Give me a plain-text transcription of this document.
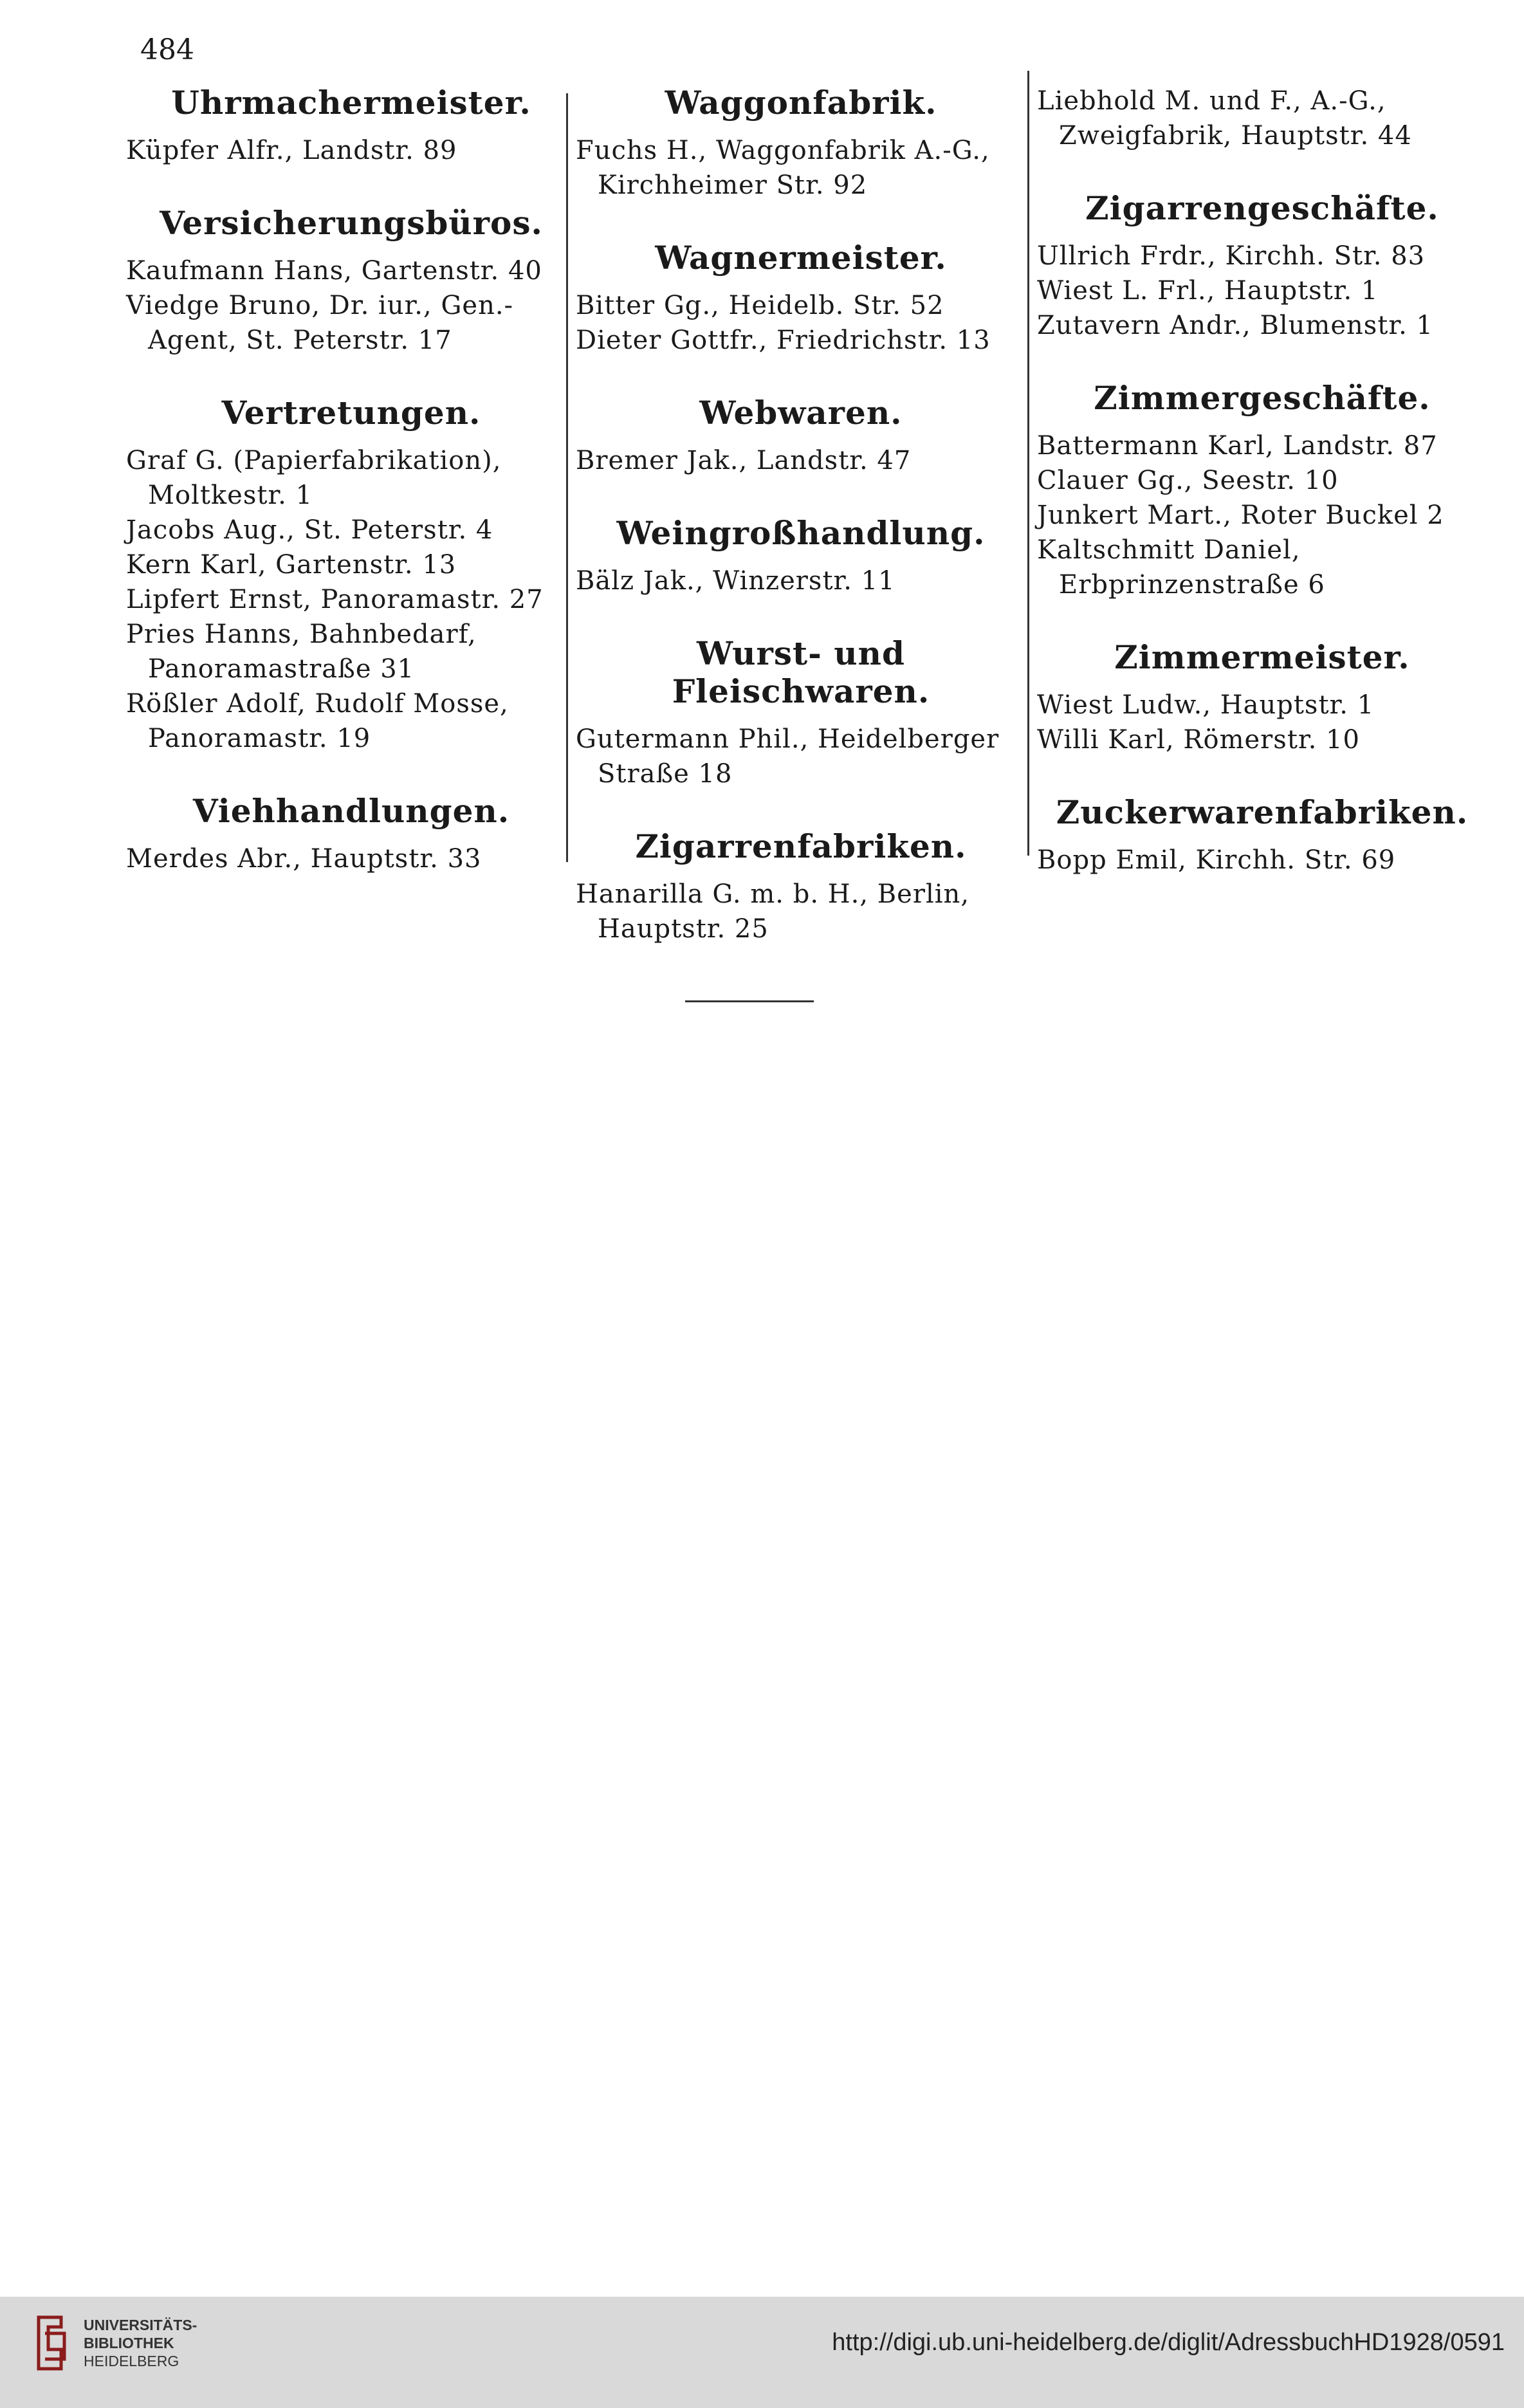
484
Uhrmachermeister.

Küpfer Alfr., Landstr. 89

Versicherungsbüros.

Kaufmann Hans, Gartenstr. 40

Viedge Bruno, Dr. iur., Gen.-Agent, St. Peterstr. 17

Vertretungen.

Graf G. (Papierfabrikation), Moltkestr. 1

Jacobs Aug., St. Peterstr. 4

Kern Karl, Gartenstr. 13

Lipfert Ernst, Panoramastr. 27

Pries Hanns, Bahnbedarf, Panoramastraße 31

Rößler Adolf, Rudolf Mosse, Panoramastr. 19

Viehhandlungen.

Merdes Abr., Hauptstr. 33

Waggonfabrik.

Fuchs H., Waggonfabrik A.-G., Kirchheimer Str. 92

Wagnermeister.

Bitter Gg., Heidelb. Str. 52

Dieter Gottfr., Friedrichstr. 13

Webwaren.

Bremer Jak., Landstr. 47

Weingroßhandlung.

Bälz Jak., Winzerstr. 11

Wurst- und Fleischwaren.

Gutermann Phil., Heidelberger Straße 18

Zigarrenfabriken.

Hanarilla G. m. b. H., Berlin, Hauptstr. 25

Liebhold M. und F., A.-G., Zweigfabrik, Hauptstr. 44

Zigarrengeschäfte.

Ullrich Frdr., Kirchh. Str. 83

Wiest L. Frl., Hauptstr. 1

Zutavern Andr., Blumenstr. 1

Zimmergeschäfte.

Battermann Karl, Landstr. 87

Clauer Gg., Seestr. 10

Junkert Mart., Roter Buckel 2

Kaltschmitt Daniel, Erbprinzenstraße 6

Zimmermeister.

Wiest Ludw., Hauptstr. 1

Willi Karl, Römerstr. 10

Zuckerwarenfabriken.

Bopp Emil, Kirchh. Str. 69

UNIVERSITÄTS-
BIBLIOTHEK
HEIDELBERG
http://digi.ub.uni-heidelberg.de/diglit/AdressbuchHD1928/0591
